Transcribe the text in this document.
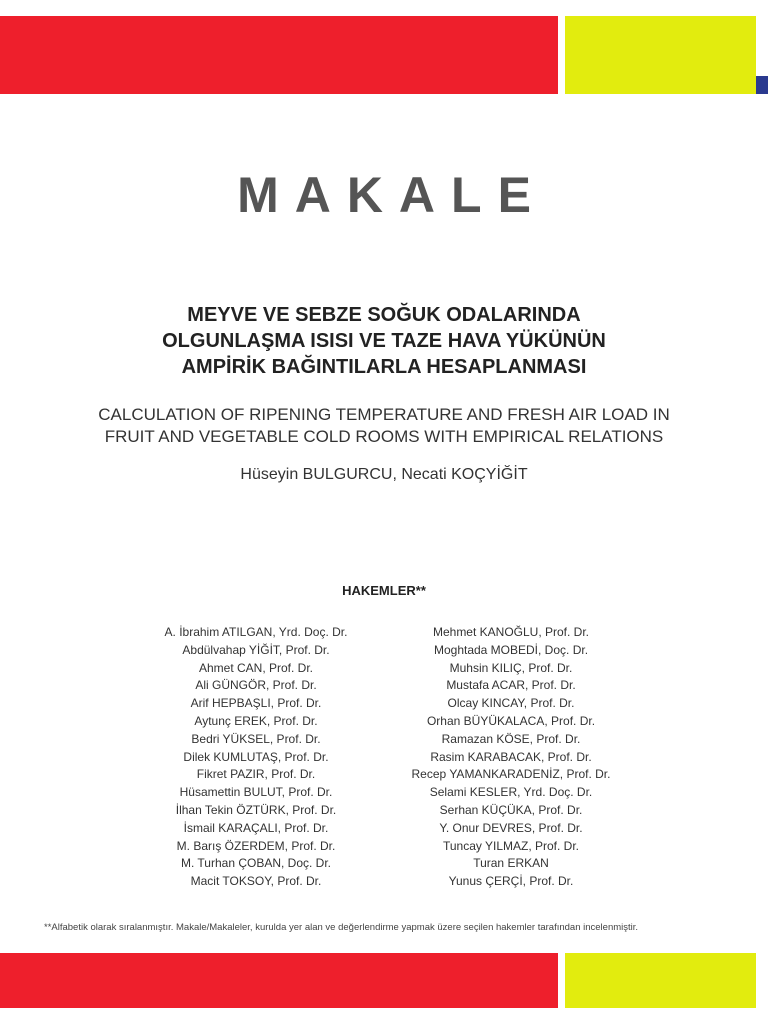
MAKALE
MEYVE VE SEBZE SOĞUK ODALARINDA
OLGUNLAŞMA ISISI VE TAZE HAVA YÜKÜNÜN
AMPİRİK BAĞINTILARLA HESAPLANMASI
CALCULATION OF RIPENING TEMPERATURE AND FRESH AIR LOAD IN
FRUIT AND VEGETABLE COLD ROOMS WITH EMPIRICAL RELATIONS
Hüseyin BULGURCU, Necati KOÇYİĞİT
HAKEMLER**
A. İbrahim ATILGAN, Yrd. Doç. Dr.
Abdülvahap YİĞİT, Prof. Dr.
Ahmet CAN, Prof. Dr.
Ali GÜNGÖR, Prof. Dr.
Arif HEPBAŞLI, Prof. Dr.
Aytunç EREK, Prof. Dr.
Bedri YÜKSEL, Prof. Dr.
Dilek KUMLUTAŞ, Prof. Dr.
Fikret PAZIR, Prof. Dr.
Hüsamettin BULUT, Prof. Dr.
İlhan Tekin ÖZTÜRK, Prof. Dr.
İsmail KARAÇALI, Prof. Dr.
M. Barış ÖZERDEM, Prof. Dr.
M. Turhan ÇOBAN, Doç. Dr.
Macit TOKSOY, Prof. Dr.
Mehmet KANOĞLU, Prof. Dr.
Moghtada MOBEDİ, Doç. Dr.
Muhsin KILIÇ, Prof. Dr.
Mustafa ACAR, Prof. Dr.
Olcay KINCAY, Prof. Dr.
Orhan BÜYÜKALACA, Prof. Dr.
Ramazan KÖSE, Prof. Dr.
Rasim KARABACAK, Prof. Dr.
Recep YAMANKARADENİZ, Prof. Dr.
Selami KESLER, Yrd. Doç. Dr.
Serhan KÜÇÜKA, Prof. Dr.
Y. Onur DEVRES, Prof. Dr.
Tuncay YILMAZ, Prof. Dr.
Turan ERKAN
Yunus ÇERÇİ, Prof. Dr.
**Alfabetik olarak sıralanmıştır. Makale/Makaleler, kurulda yer alan ve değerlendirme yapmak üzere seçilen hakemler tarafından incelenmiştir.
